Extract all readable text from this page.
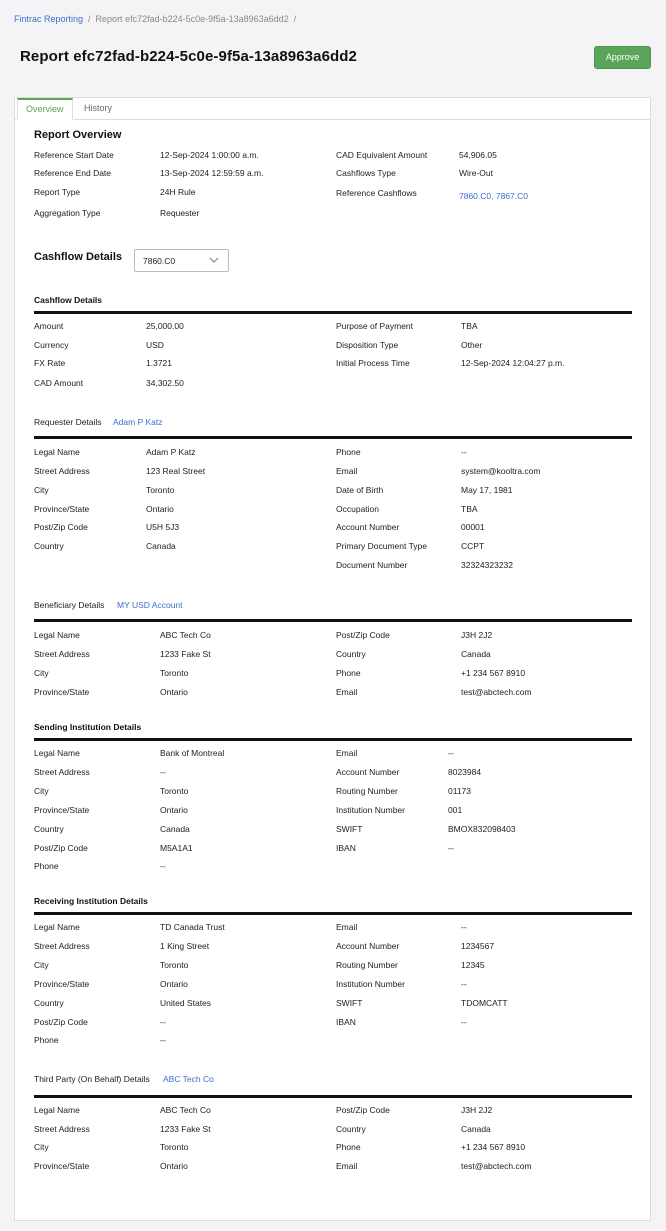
Fintrac Reporting / Report efc72fad-b224-5c0e-9f5a-13a8963a6dd2 /
Report efc72fad-b224-5c0e-9f5a-13a8963a6dd2	Approve
Overview	History
Report Overview
Reference Start Date	12-Sep-2024 1:00:00 a.m.
Reference End Date	13-Sep-2024 12:59:59 a.m.
Report Type	24H Rule
Aggregation Type	Requester
CAD Equivalent Amount	54,906.05
Cashflows Type	Wire-Out
Reference Cashflows	7860.C0, 7867.C0
Cashflow Details 7860.C0
Cashflow Details
Amount	25,000.00
Currency	USD
FX Rate	1.3721
CAD Amount	34,302.50
Purpose of Payment	TBA
Disposition Type	Other
Initial Process Time	12-Sep-2024 12:04:27 p.m.
Requester Details Adam P Katz
Legal Name	Adam P Katz
Street Address	123 Real Street
City	Toronto
Province/State	Ontario
Post/Zip Code	U5H 5J3
Country	Canada
Phone	--
Email	system@kooltra.com
Date of Birth	May 17, 1981
Occupation	TBA
Account Number	00001
Primary Document Type	CCPT
Document Number	32324323232
Beneficiary Details MY USD Account
Legal Name	ABC Tech Co
Street Address	1233 Fake St
City	Toronto
Province/State	Ontario
Post/Zip Code	J3H 2J2
Country	Canada
Phone	+1 234 567 8910
Email	test@abctech.com
Sending Institution Details
Legal Name	Bank of Montreal
Street Address	--
City	Toronto
Province/State	Ontario
Country	Canada
Post/Zip Code	M5A1A1
Phone	--
Email	--
Account Number	8023984
Routing Number	01173
Institution Number	001
SWIFT	BMOX832098403
IBAN	--
Receiving Institution Details
Legal Name	TD Canada Trust
Street Address	1 King Street
City	Toronto
Province/State	Ontario
Country	United States
Post/Zip Code	--
Phone	--
Email	--
Account Number	1234567
Routing Number	12345
Institution Number	--
SWIFT	TDOMCATT
IBAN	--
Third Party (On Behalf) Details ABC Tech Co
Legal Name	ABC Tech Co
Street Address	1233 Fake St
City	Toronto
Province/State	Ontario
Post/Zip Code	J3H 2J2
Country	Canada
Phone	+1 234 567 8910
Email	test@abctech.com
